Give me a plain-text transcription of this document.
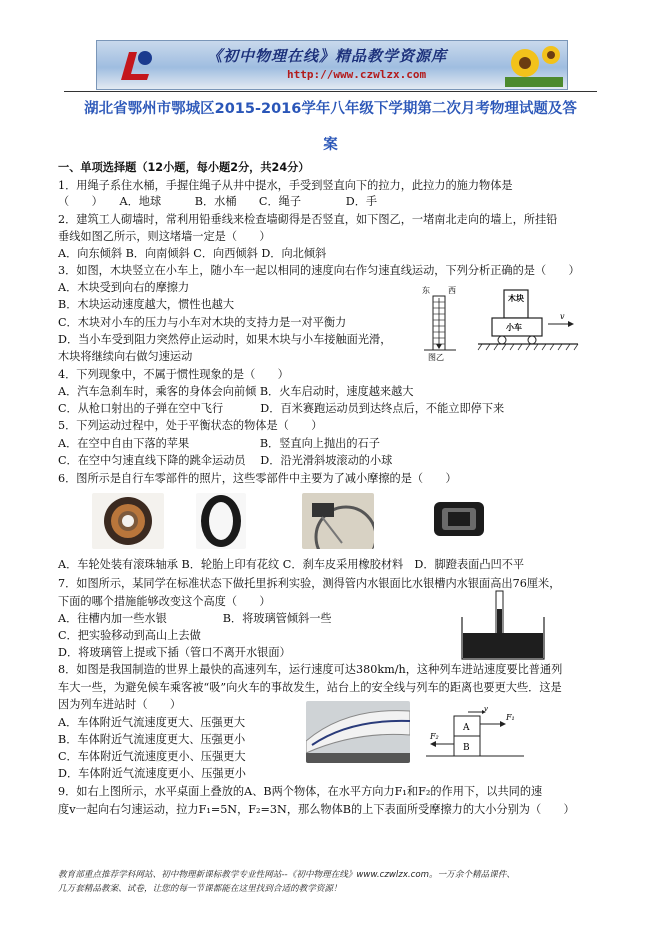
《初中物理在线》精品教学资源库
http://www.czwlzx.com
湖北省鄂州市鄂城区2015-2016学年八年级下学期第二次月考物理试题及答
案
一、单项选择题（12小题，每小题2分，共24分）
1．用绳子系住水桶，手握住绳子从井中提水，手受到竖直向下的拉力，此拉力的施力物体是
（　　）　　A．地球　　　B．水桶　　C．绳子　　　　D．手
2．建筑工人砌墙时，常利用铅垂线来检查墙砌得是否竖直，如下图乙，一堵南北走向的墙上，所挂铅
垂线如图乙所示，则这堵墙一定是（　　）
A．向东倾斜 B．向南倾斜 C．向西倾斜 D．向北倾斜
3．如图，木块竖立在小车上，随小车一起以相同的速度向右作匀速直线运动，下列分析正确的是（　　）
A．木块受到向右的摩擦力
B．木块运动速度越大，惯性也越大
C．木块对小车的压力与小车对木块的支持力是一对平衡力
D．当小车受到阻力突然停止运动时，如果木块与小车接触面光滑，
木块将继续向右做匀速运动
4．下列现象中，不属于惯性现象的是（　　）
A．汽车急刹车时，乘客的身体会向前倾 B．火车启动时，速度越来越大
C．从枪口射出的子弹在空中飞行　　　 D．百米赛跑运动员到达终点后，不能立即停下来
5．下列运动过程中，处于平衡状态的物体是（　　）
A．在空中自由下落的苹果　　　　　　 B．竖直向上抛出的石子
C．在空中匀速直线下降的跳伞运动员　 D．沿光滑斜坡滚动的小球
6．图所示是自行车零部件的照片，这些零部件中主要为了减小摩擦的是（　　）
A．车轮处装有滚珠轴承 B．轮胎上印有花纹 C．刹车皮采用橡胶材料　D．脚蹬表面凸凹不平
7．如图所示，某同学在标准状态下做托里拆利实验，测得管内水银面比水银槽内水银面高出76厘米，
下面的哪个措施能够改变这个高度（　　）
A．往槽内加一些水银　　　　　B．将玻璃管倾斜一些
C．把实验移动到高山上去做
D．将玻璃管上提或下插（管口不离开水银面）
8．如图是我国制造的世界上最快的高速列车，运行速度可达380km/h，这种列车进站速度要比普通列
车大一些，为避免候车乘客被“吸”向火车的事故发生，站台上的安全线与列车的距离也要更大些．这是
因为列车进站时（　　）
A．车体附近气流速度更大、压强更大
B．车体附近气流速度更大、压强更小
C．车体附近气流速度更小、压强更大
D．车体附近气流速度更小、压强更小
9．如右上图所示，水平桌面上叠放的A、B两个物体，在水平方向力F₁和F₂的作用下，以共同的速
度v一起向右匀速运动，拉力F₁=5N，F₂=3N，那么物体B的上下表面所受摩擦力的大小分别为（　　）
东 西
图乙
木块
小车
v
A
B
F₁
F₂
v
教育部重点推荐学科网站、初中物理新课标教学专业性网站--《初中物理在线》www.czwlzx.com。一万余个精品课件、
几万套精品教案、试卷，让您的每一节课都能在这里找到合适的教学资源！
